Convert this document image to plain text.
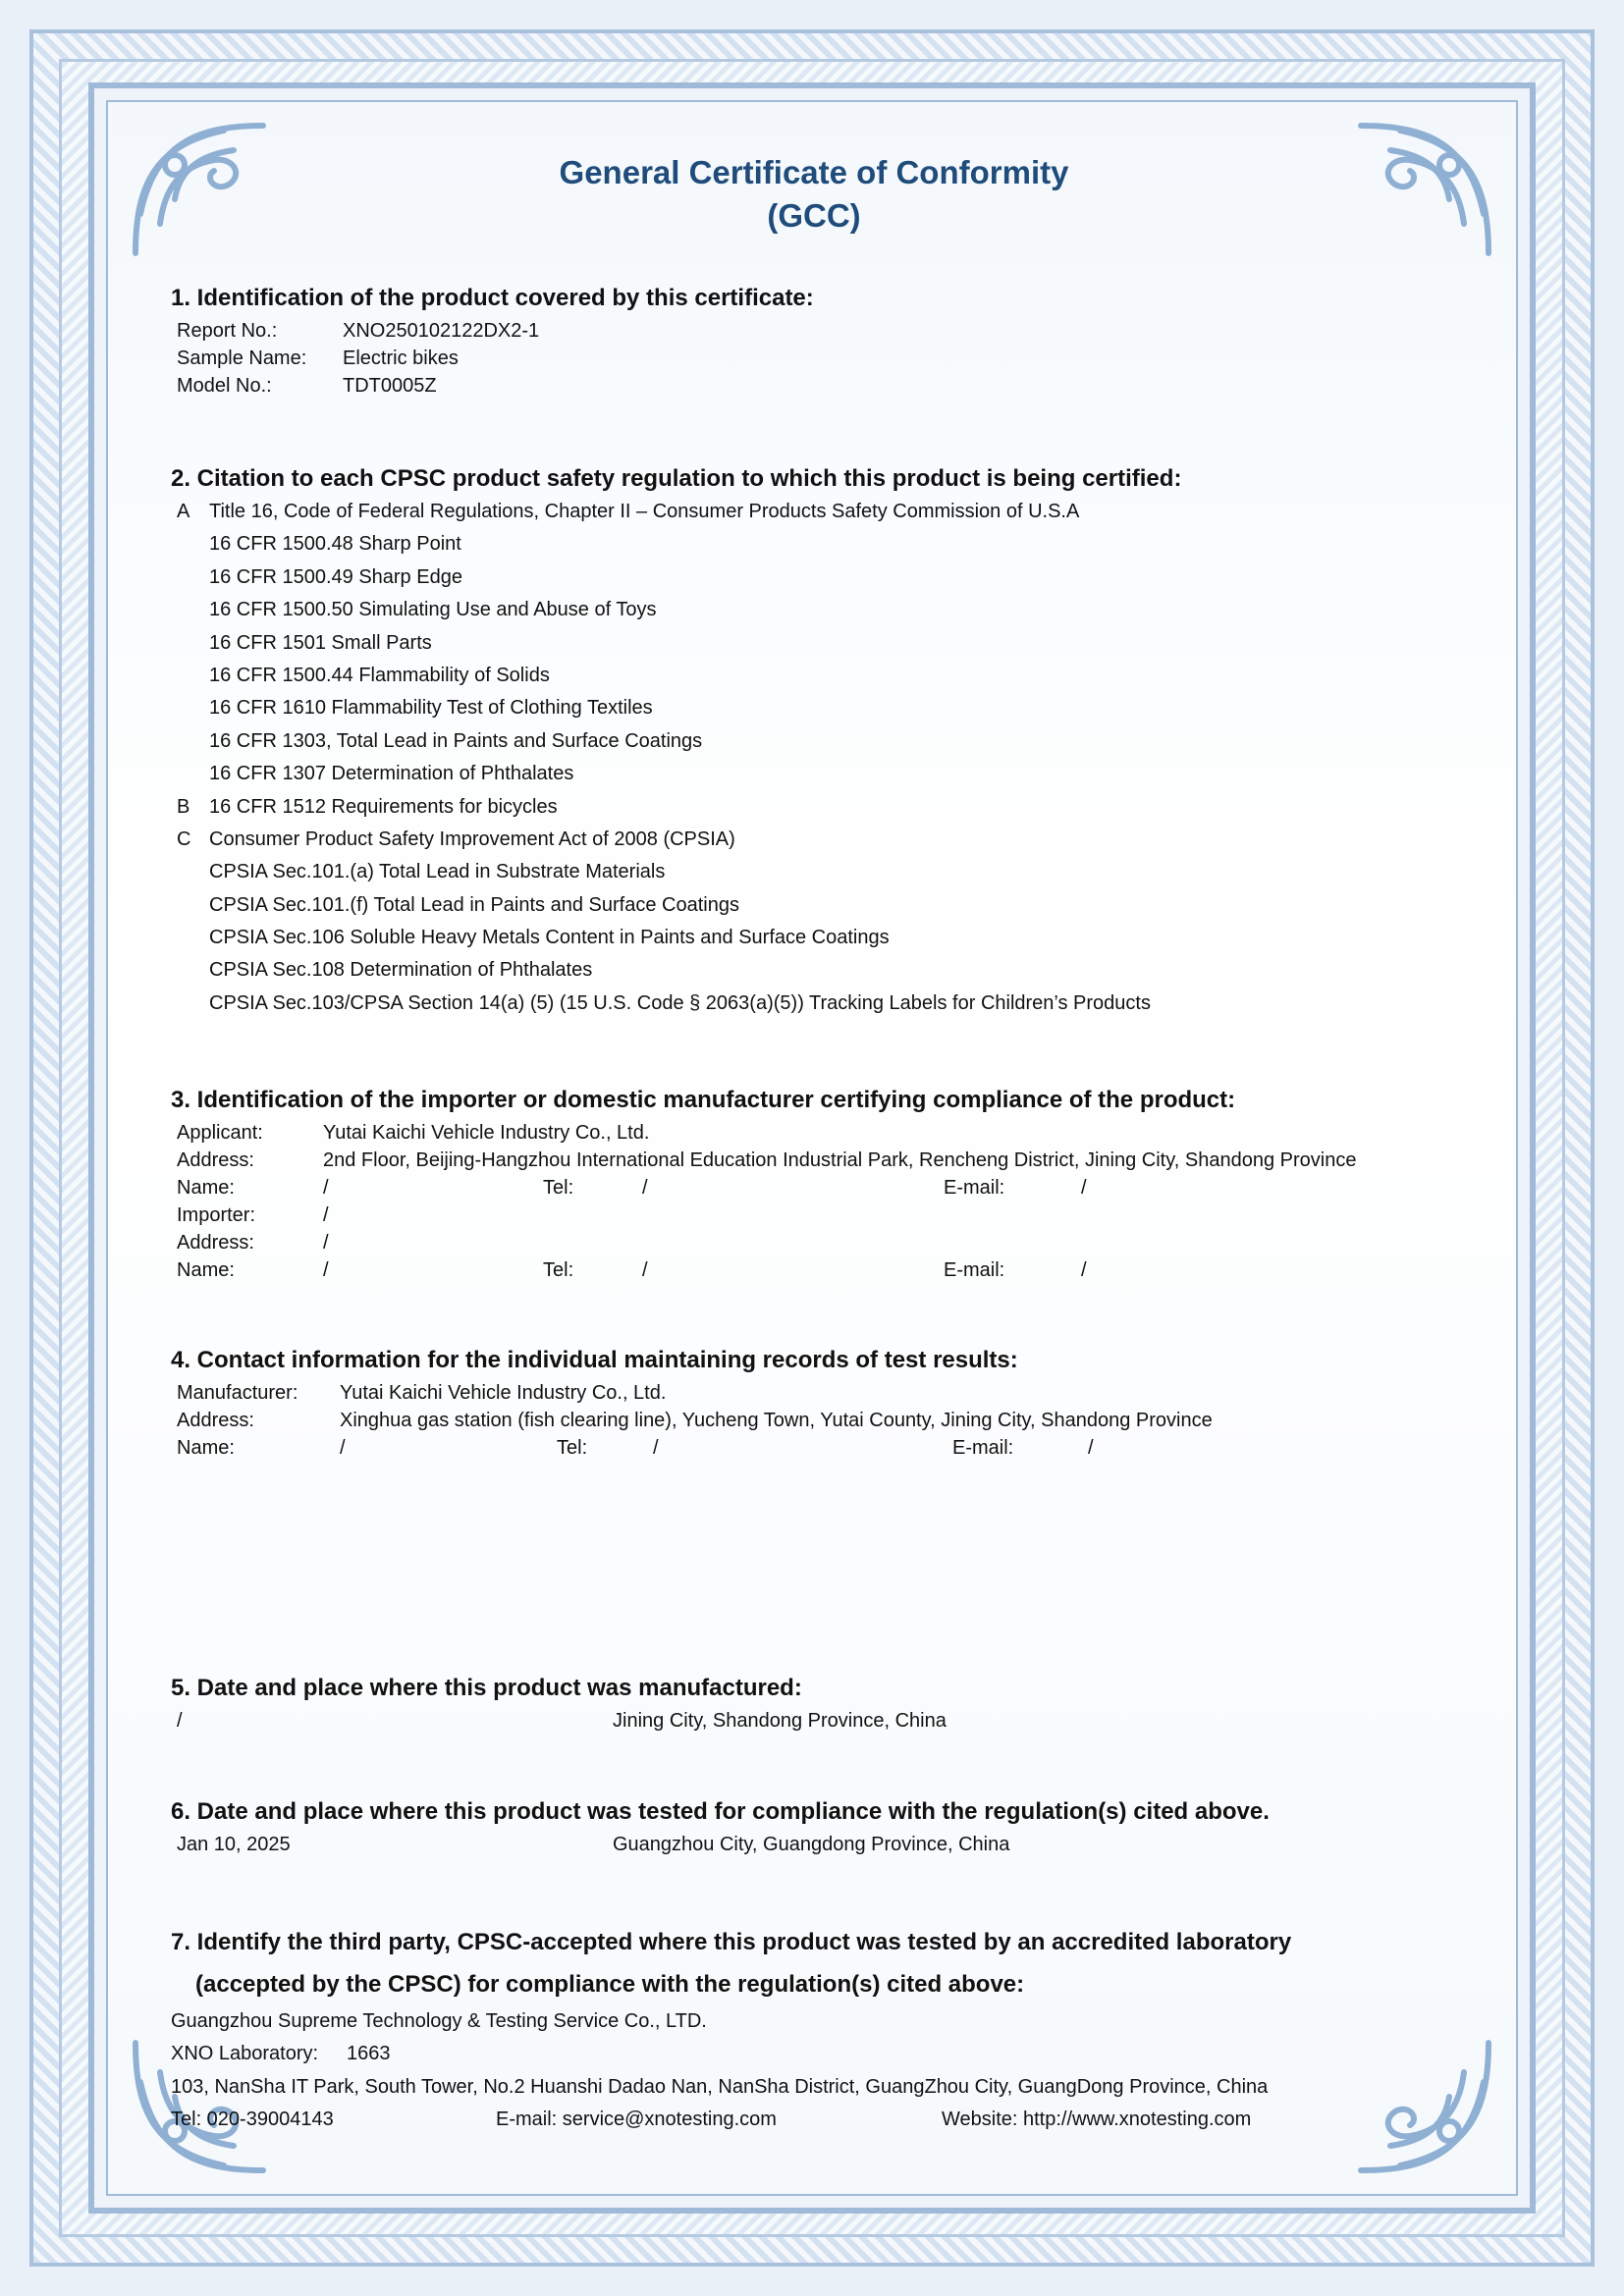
General Certificate of Conformity

(GCC)

1. Identification of the product covered by this certificate:

Report No.:	XNO250102122DX2-1
Sample Name: Electric bikes
Model No.:	TDT0005Z

2. Citation to each CPSC product safety regulation to which this product is being certified:

A Title 16, Code of Federal Regulations, Chapter II – Consumer Products Safety Commission of U.S.A
16 CFR 1500.48 Sharp Point
16 CFR 1500.49 Sharp Edge
16 CFR 1500.50 Simulating Use and Abuse of Toys
16 CFR 1501 Small Parts
16 CFR 1500.44 Flammability of Solids
16 CFR 1610 Flammability Test of Clothing Textiles
16 CFR 1303, Total Lead in Paints and Surface Coatings
16 CFR 1307 Determination of Phthalates
B 16 CFR 1512 Requirements for bicycles
C Consumer Product Safety Improvement Act of 2008 (CPSIA)
CPSIA Sec.101.(a) Total Lead in Substrate Materials
CPSIA Sec.101.(f) Total Lead in Paints and Surface Coatings
CPSIA Sec.106 Soluble Heavy Metals Content in Paints and Surface Coatings
CPSIA Sec.108 Determination of Phthalates
CPSIA Sec.103/CPSA Section 14(a) (5) (15 U.S. Code § 2063(a)(5)) Tracking Labels for Children’s Products

3. Identification of the importer or domestic manufacturer certifying compliance of the product:

Applicant:	Yutai Kaichi Vehicle Industry Co., Ltd.
Address:	2nd Floor, Beijing-Hangzhou International Education Industrial Park, Rencheng District, Jining City, Shandong Province
Name:	/	Tel:	/	E-mail:	/
Importer:	/
Address:	/
Name:	/	Tel:	/	E-mail:	/

4. Contact information for the individual maintaining records of test results:

Manufacturer: Yutai Kaichi Vehicle Industry Co., Ltd.
Address:	Xinghua gas station (fish clearing line), Yucheng Town, Yutai County, Jining City, Shandong Province
Name:	/	Tel:	/	E-mail:	/

5. Date and place where this product was manufactured:

/	Jining City, Shandong Province, China

6. Date and place where this product was tested for compliance with the regulation(s) cited above.

Jan 10, 2025	Guangzhou City, Guangdong Province, China

7. Identify the third party, CPSC-accepted where this product was tested by an accredited laboratory

(accepted by the CPSC) for compliance with the regulation(s) cited above:

Guangzhou Supreme Technology & Testing Service Co., LTD.
XNO Laboratory: 1663
103, NanSha IT Park, South Tower, No.2 Huanshi Dadao Nan, NanSha District, GuangZhou City, GuangDong Province, China
Tel: 020-39004143	E-mail: service@xnotesting.com	Website: http://www.xnotesting.com
